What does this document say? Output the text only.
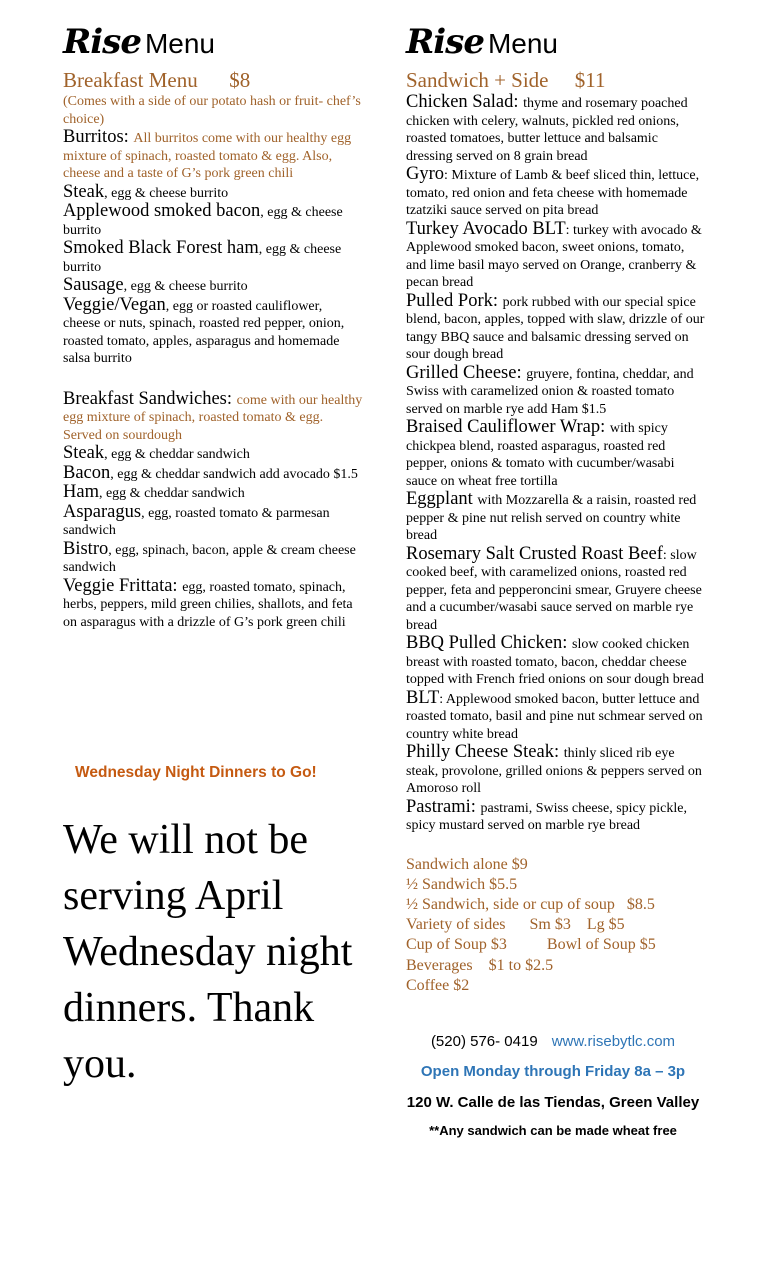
Rise Menu
Breakfast Menu      $8
(Comes with a side of our potato hash or fruit- chef’s choice)
Burritos: All burritos come with our healthy egg mixture of spinach, roasted tomato & egg. Also, cheese and a taste of G’s pork green chili
Steak, egg & cheese burrito
Applewood smoked bacon, egg & cheese burrito
Smoked Black Forest ham, egg & cheese burrito
Sausage, egg & cheese burrito
Veggie/Vegan, egg or roasted cauliflower, cheese or nuts, spinach, roasted red pepper, onion, roasted tomato, apples, asparagus and homemade salsa burrito
Breakfast Sandwiches: come with our healthy egg mixture of spinach, roasted tomato & egg. Served on sourdough
Steak, egg & cheddar sandwich
Bacon, egg & cheddar sandwich add avocado $1.5
Ham, egg & cheddar sandwich
Asparagus, egg, roasted tomato & parmesan sandwich
Bistro, egg, spinach, bacon, apple & cream cheese sandwich
Veggie Frittata: egg, roasted tomato, spinach, herbs, peppers, mild green chilies, shallots, and feta on asparagus with a drizzle of G’s pork green chili
Wednesday Night Dinners to Go!
We will not be serving April Wednesday night dinners. Thank you.
Rise Menu
Sandwich + Side     $11
Chicken Salad: thyme and rosemary poached chicken with celery, walnuts, pickled red onions, roasted tomatoes, butter lettuce and balsamic dressing served on 8 grain bread
Gyro: Mixture of Lamb & beef sliced thin, lettuce, tomato, red onion and feta cheese with homemade tzatziki sauce served on pita bread
Turkey Avocado BLT: turkey with avocado & Applewood smoked bacon, sweet onions, tomato, and lime basil mayo served on Orange, cranberry & pecan bread
Pulled Pork: pork rubbed with our special spice blend, bacon, apples, topped with slaw, drizzle of our tangy BBQ sauce and balsamic dressing served on sour dough bread
Grilled Cheese: gruyere, fontina, cheddar, and Swiss with caramelized onion & roasted tomato served on marble rye add Ham $1.5
Braised Cauliflower Wrap: with spicy chickpea blend, roasted asparagus, roasted red pepper, onions & tomato with cucumber/wasabi sauce on wheat free tortilla
Eggplant with Mozzarella & a raisin, roasted red pepper & pine nut relish served on country white bread
Rosemary Salt Crusted Roast Beef: slow cooked beef, with caramelized onions, roasted red pepper, feta and pepperoncini smear, Gruyere cheese and a cucumber/wasabi sauce served on marble rye bread
BBQ Pulled Chicken: slow cooked chicken breast with roasted tomato, bacon, cheddar cheese topped with French fried onions on sour dough bread
BLT: Applewood smoked bacon, butter lettuce and roasted tomato, basil and pine nut schmear served on country white bread
Philly Cheese Steak: thinly sliced rib eye steak, provolone, grilled onions & peppers served on Amoroso roll
Pastrami: pastrami, Swiss cheese, spicy pickle, spicy mustard served on marble rye bread
Sandwich alone $9
½ Sandwich $5.5
½ Sandwich, side or cup of soup   $8.5
Variety of sides      Sm $3    Lg $5
Cup of Soup $3          Bowl of Soup $5
Beverages    $1 to $2.5
Coffee $2
(520) 576- 0419 www.risebytlc.com
Open Monday through Friday 8a – 3p
120 W. Calle de las Tiendas, Green Valley
**Any sandwich can be made wheat free
